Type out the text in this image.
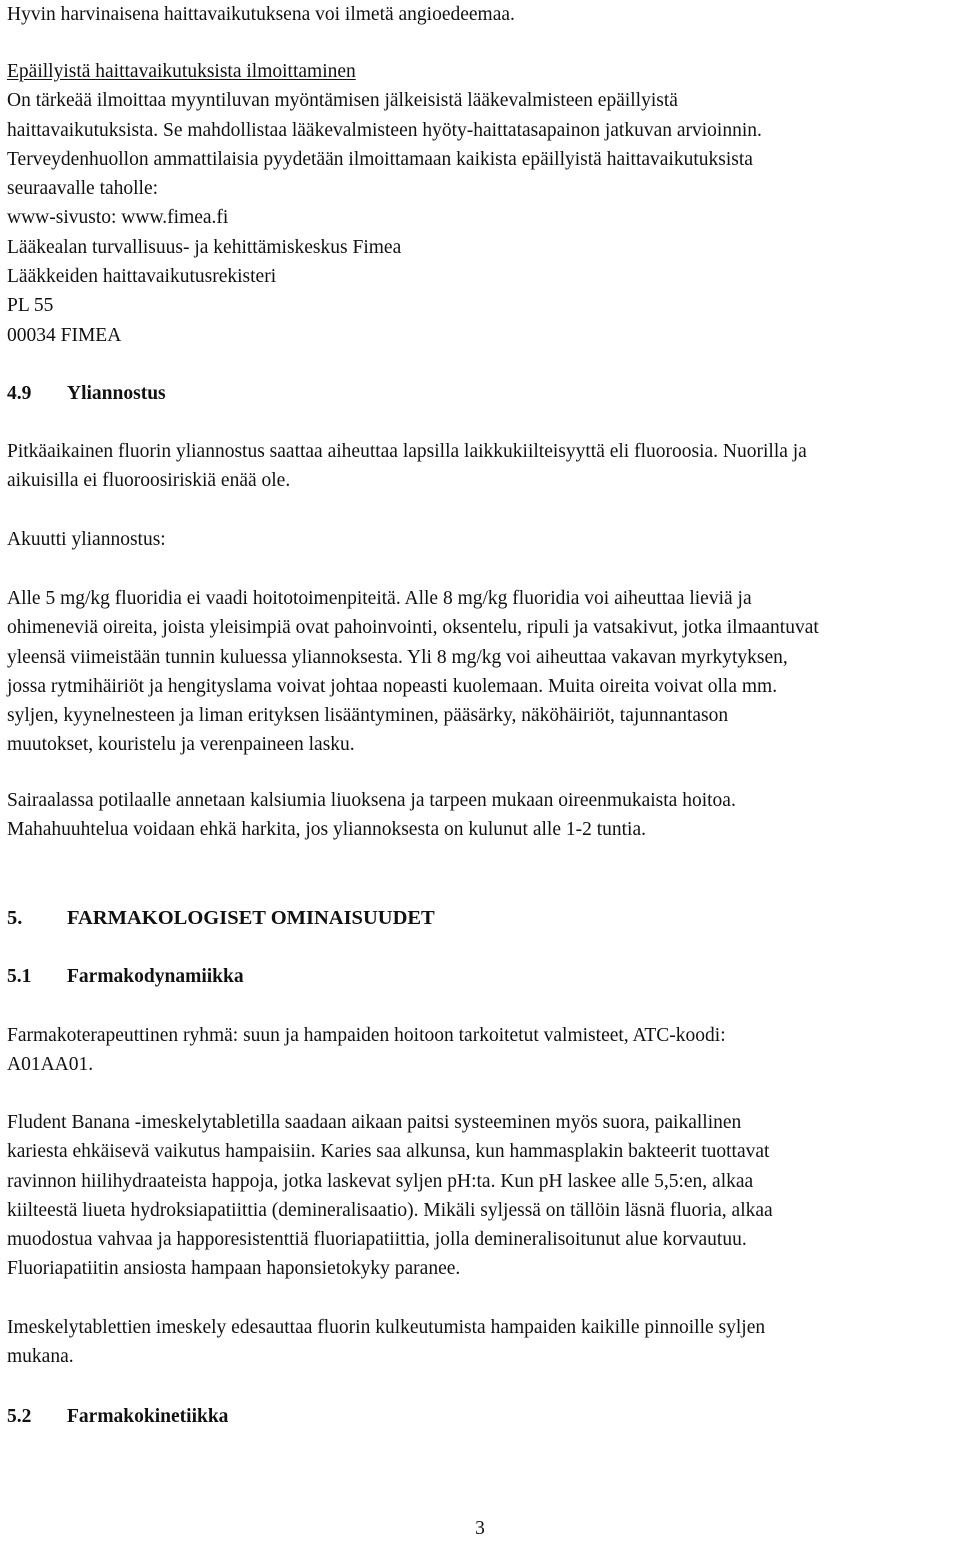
Hyvin harvinaisena haittavaikutuksena voi ilmetä angioedeemaa.

Epäillyistä haittavaikutuksista ilmoittaminen
On tärkeää ilmoittaa myyntiluvan myöntämisen jälkeisistä lääkevalmisteen epäillyistä
haittavaikutuksista. Se mahdollistaa lääkevalmisteen hyöty-haittatasapainon jatkuvan arvioinnin.
Terveydenhuollon ammattilaisia pyydetään ilmoittamaan kaikista epäillyistä haittavaikutuksista
seuraavalle taholle:
www-sivusto: www.fimea.fi
Lääkealan turvallisuus- ja kehittämiskeskus Fimea
Lääkkeiden haittavaikutusrekisteri
PL 55
00034 FIMEA
4.9	Yliannostus

Pitkäaikainen fluorin yliannostus saattaa aiheuttaa lapsilla laikkukiilteisyyttä eli fluoroosia. Nuorilla ja
aikuisilla ei fluoroosiriskiä enää ole.

Akuutti yliannostus:

Alle 5 mg/kg fluoridia ei vaadi hoitotoimenpiteitä. Alle 8 mg/kg fluoridia voi aiheuttaa lieviä ja
ohimeneviä oireita, joista yleisimpiä ovat pahoinvointi, oksentelu, ripuli ja vatsakivut, jotka ilmaantuvat
yleensä viimeistään tunnin kuluessa yliannoksesta. Yli 8 mg/kg voi aiheuttaa vakavan myrkytyksen,
jossa rytmihäiriöt ja hengityslama voivat johtaa nopeasti kuolemaan. Muita oireita voivat olla mm.
syljen, kyynelnesteen ja liman erityksen lisääntyminen, pääsärky, näköhäiriöt, tajunnantason
muutokset, kouristelu ja verenpaineen lasku.

Sairaalassa potilaalle annetaan kalsiumia liuoksena ja tarpeen mukaan oireenmukaista hoitoa.
Mahahuuhtelua voidaan ehkä harkita, jos yliannoksesta on kulunut alle 1-2 tuntia.

5.	FARMAKOLOGISET OMINAISUUDET
5.1	Farmakodynamiikka

Farmakoterapeuttinen ryhmä: suun ja hampaiden hoitoon tarkoitetut valmisteet, ATC-koodi:
A01AA01.

Fludent Banana -imeskelytabletilla saadaan aikaan paitsi systeeminen myös suora, paikallinen
kariesta ehkäisevä vaikutus hampaisiin. Karies saa alkunsa, kun hammasplakin bakteerit tuottavat
ravinnon hiilihydraateista happoja, jotka laskevat syljen pH:ta. Kun pH laskee alle 5,5:en, alkaa
kiilteestä liueta hydroksiapatiittia (demineralisaatio). Mikäli syljessä on tällöin läsnä fluoria, alkaa
muodostua vahvaa ja happoresistenttiä fluoriapatiittia, jolla demineralisoitunut alue korvautuu.
Fluoriapatiitin ansiosta hampaan haponsietokyky paranee.

Imeskelytablettien imeskely edesauttaa fluorin kulkeutumista hampaiden kaikille pinnoille syljen
mukana.

5.2	Farmakokinetiikka
3
